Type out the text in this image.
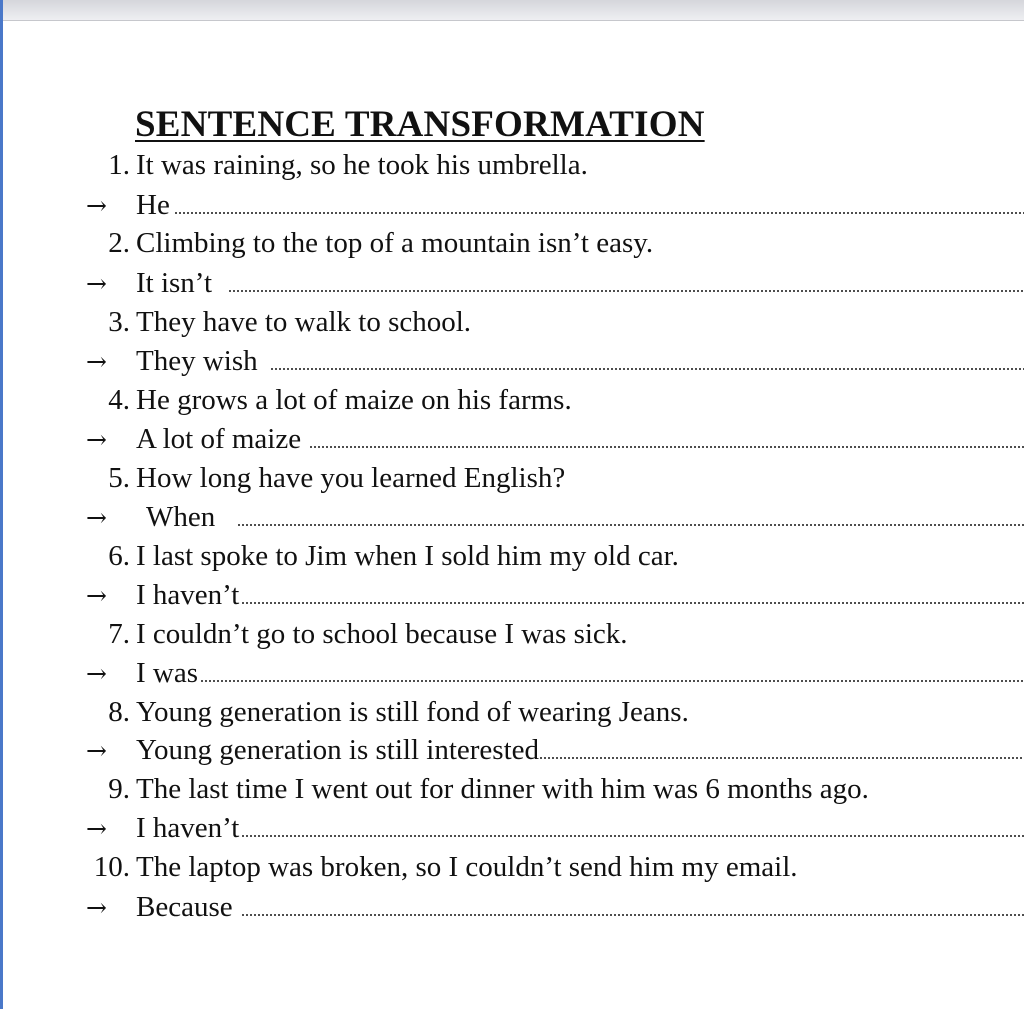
SENTENCE TRANSFORMATION
1. It was raining, so he took his umbrella.
→ He
2. Climbing to the top of a mountain isn’t easy.
→ It isn’t
3. They have to walk to school.
→ They wish
4. He grows a lot of maize on his farms.
→ A lot of maize
5. How long have you learned English?
→ When
6. I last spoke to Jim when I sold him my old car.
→ I haven’t
7. I couldn’t go to school because I was sick.
→ I was
8. Young generation is still fond of wearing Jeans.
→ Young generation is still interested
9. The last time I went out for dinner with him was 6 months ago.
→ I haven’t
10. The laptop was broken, so I couldn’t send him my email.
→ Because
